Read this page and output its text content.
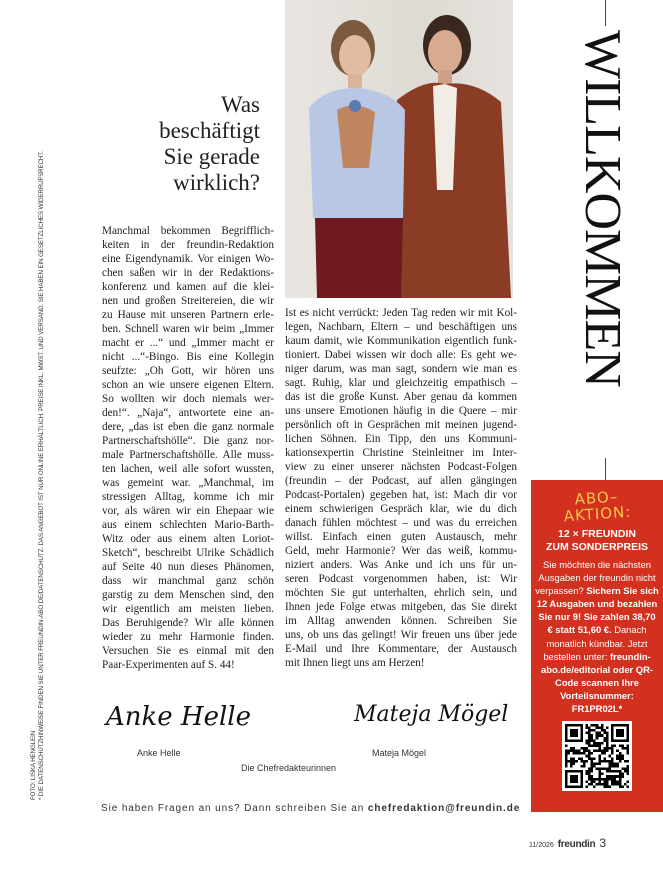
FOTO: LISKA HENGLEIN * DIE DATENSCHUTZHINWEISE FINDEN SIE UNTER FREUNDIN-ABO.DE/DATENSCHUTZ. DAS ANGEBOT IST NUR ONLINE ERHÄLTLICH. PREISE INKL. MWST. UND VERSAND. SIE HABEN EIN GESETZLICHES WIDERRUFSRECHT.
Was
beschäftigt
Sie gerade
wirklich?
Manchmal bekommen Begrifflich-
keiten in der freundin-Redaktion
eine Eigendynamik. Vor einigen Wo-
chen saßen wir in der Redaktions-
konferenz und kamen auf die klei-
nen und großen Streitereien, die wir
zu Hause mit unseren Partnern erle-
ben. Schnell waren wir beim „Immer
macht er ...“ und „Immer macht er
nicht ...“-Bingo. Bis eine Kollegin
seufzte: „Oh Gott, wir hören uns
schon an wie unsere eigenen Eltern.
So wollten wir doch niemals wer-
den!“. „Naja“, antwortete eine an-
dere, „das ist eben die ganz normale
Partnerschaftshölle“. Die ganz nor-
male Partnerschaftshölle. Alle muss-
ten lachen, weil alle sofort wussten,
was gemeint war. „Manchmal, im
stressigen Alltag, komme ich mir
vor, als wären wir ein Ehepaar wie
aus einem schlechten Mario-Barth-
Witz oder aus einem alten Loriot-
Sketch“, beschreibt Ulrike Schädlich
auf Seite 40 nun dieses Phänomen,
dass wir manchmal ganz schön
garstig zu dem Menschen sind, den
wir eigentlich am meisten lieben.
Das Beruhigende? Wir alle können
wieder zu mehr Harmonie finden.
Versuchen Sie es einmal mit den
Paar-Experimenten auf S. 44!
Ist es nicht verrückt: Jeden Tag reden wir mit Kol-
legen, Nachbarn, Eltern – und beschäftigen uns
kaum damit, wie Kommunikation eigentlich funk-
tioniert. Dabei wissen wir doch alle: Es geht we-
niger darum, was man sagt, sondern wie man es
sagt. Ruhig, klar und gleichzeitig empathisch –
das ist die große Kunst. Aber genau da kommen
uns unsere Emotionen häufig in die Quere – mir
persönlich oft in Gesprächen mit meinen jugend-
lichen Söhnen. Ein Tipp, den uns Kommuni-
kationsexpertin Christine Steinleitner im Inter-
view zu einer unserer nächsten Podcast-Folgen
(freundin – der Podcast, auf allen gängingen
Podcast-Portalen) gegeben hat, ist: Mach dir vor
einem schwierigen Gespräch klar, wie du dich
danach fühlen möchtest – und was du erreichen
willst. Einfach einen guten Austausch, mehr
Geld, mehr Harmonie? Wer das weiß, kommu-
niziert anders. Was Anke und ich uns für un-
seren Podcast vorgenommen haben, ist: Wir
möchten Sie gut unterhalten, ehrlich sein, und
Ihnen jede Folge etwas mitgeben, das Sie direkt
im Alltag anwenden können. Schreiben Sie
uns, ob uns das gelingt! Wir freuen uns über jede
E-Mail und Ihre Kommentare, der Austausch
mit Ihnen liegt uns am Herzen!
Anke Helle	Mateja Mögel
Anke Helle	Mateja Mögel
Die Chefredakteurinnen
Sie haben Fragen an uns? Dann schreiben Sie an chefredaktion@freundin.de
WILLKOMMEN
ABO–
AKTION:
12 × FREUNDIN
ZUM SONDERPREIS
Sie möchten die nächsten Ausgaben der freundin nicht verpassen? Sichern Sie sich 12 Ausgaben und bezahlen Sie nur 9! Sie zahlen 38,70 € statt 51,60 €. Danach monatlich kündbar. Jetzt bestellen unter: freundin-abo.de/editorial oder QR-Code scannen Ihre Vorteilsnummer: FR1PR02L*
11/2026 freundin 3
